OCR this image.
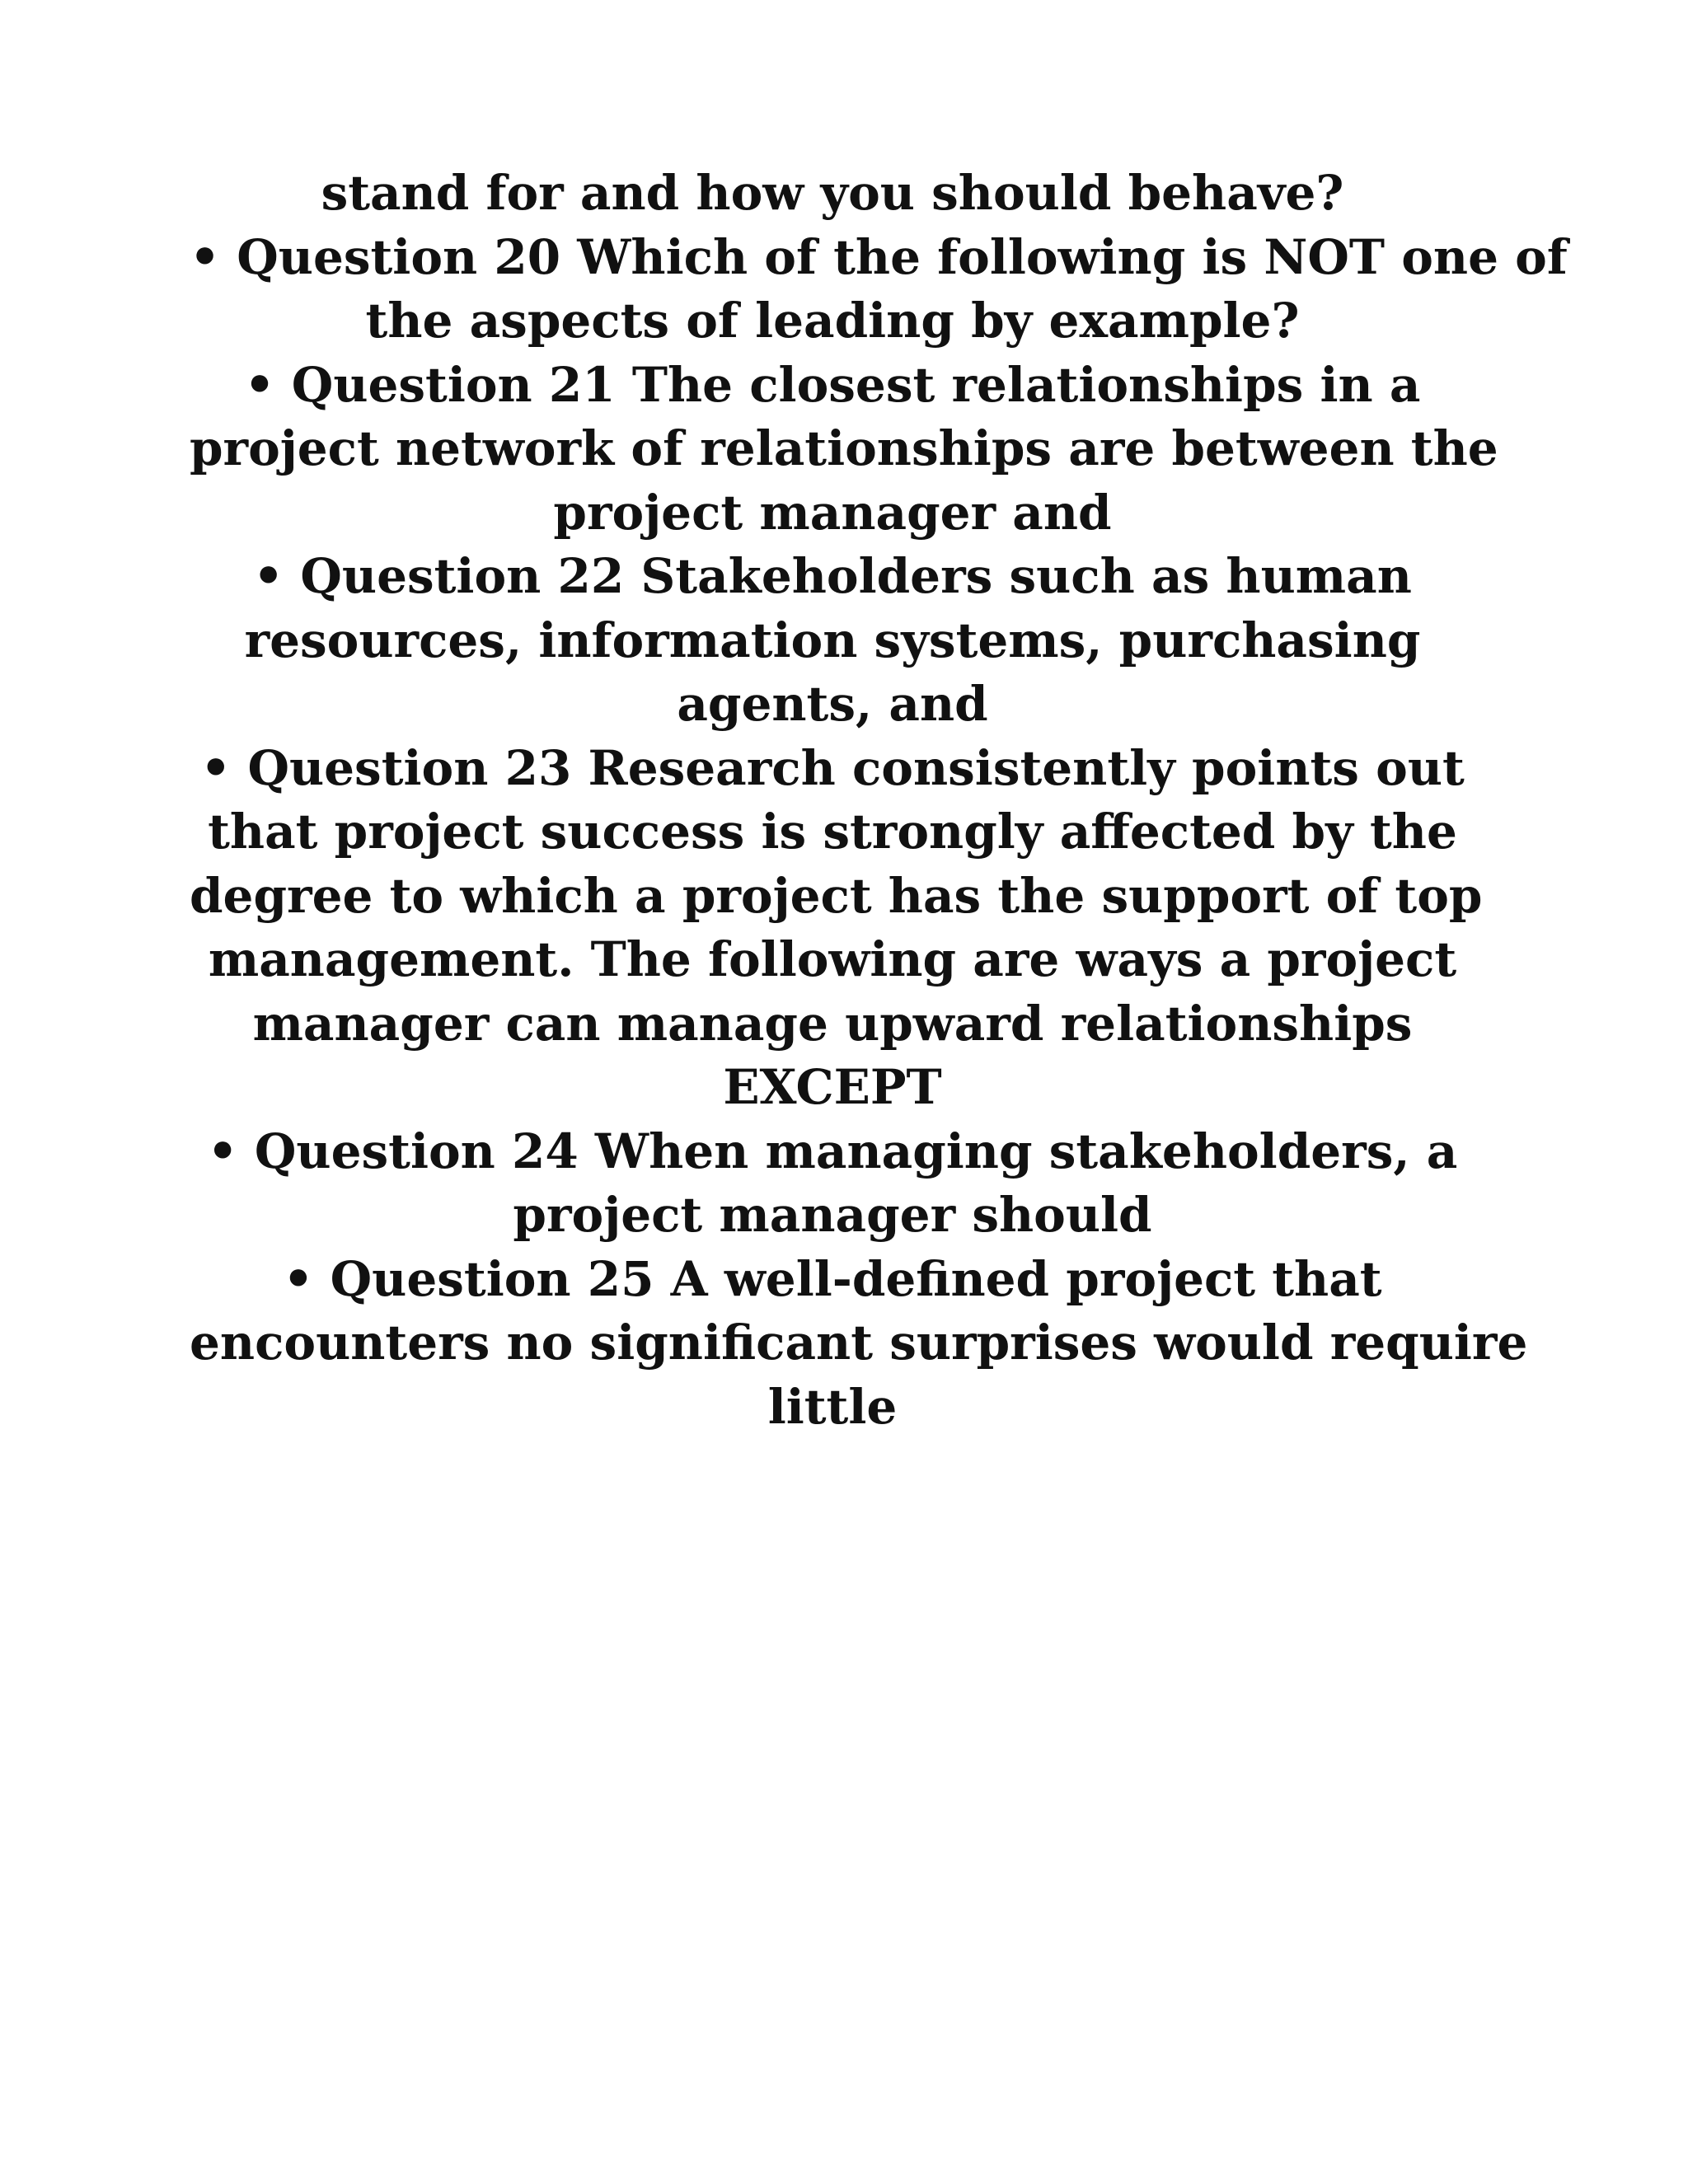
stand for and how you should behave?
• Question 20 Which of the following is NOT one of
the aspects of leading by example?
• Question 21 The closest relationships in a
project network of relationships are between the
project manager and
• Question 22 Stakeholders such as human
resources, information systems, purchasing
agents, and
• Question 23 Research consistently points out
that project success is strongly affected by the
degree to which a project has the support of top
management. The following are ways a project
manager can manage upward relationships
EXCEPT
• Question 24 When managing stakeholders, a
project manager should
• Question 25 A well-defined project that
encounters no significant surprises would require
little
